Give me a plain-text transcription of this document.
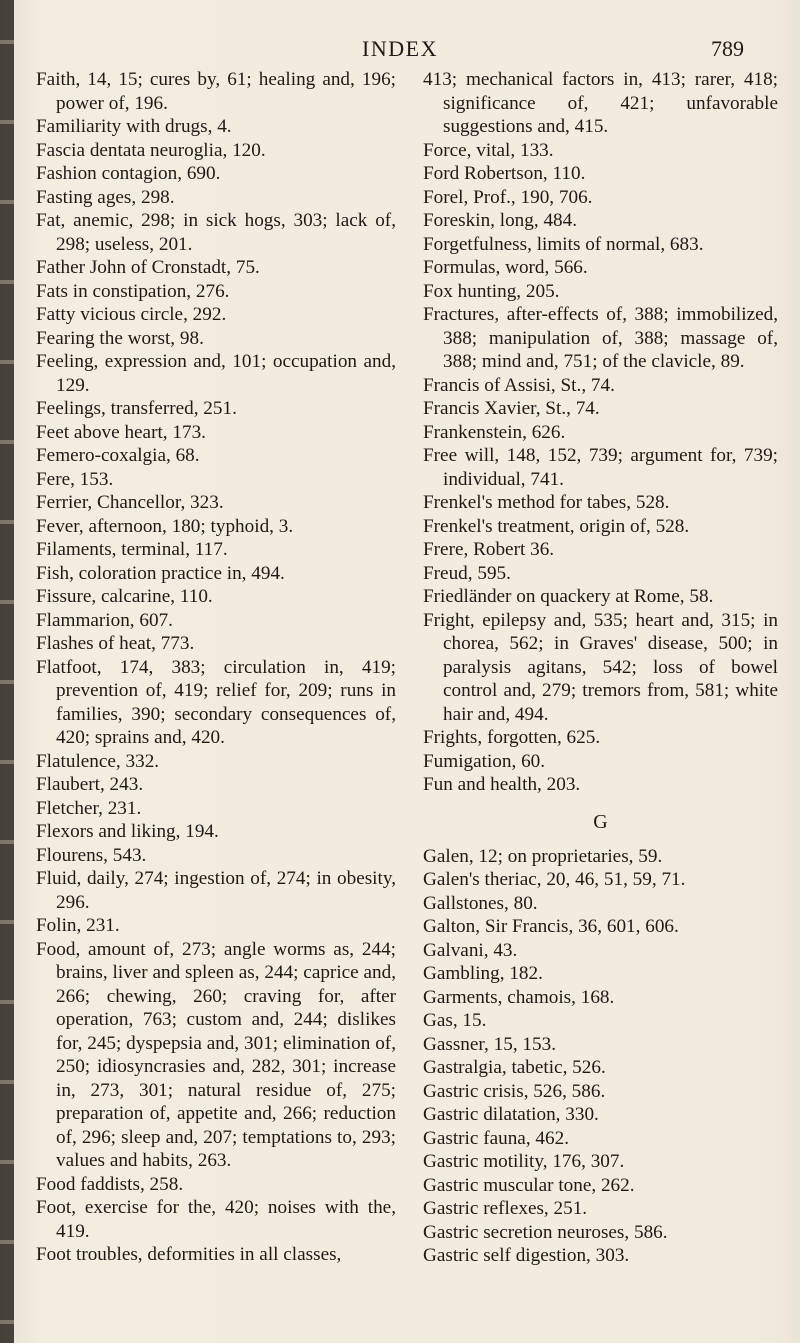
INDEX	789

Faith, 14, 15; cures by, 61; healing and, 196; power of, 196.

Familiarity with drugs, 4.

Fascia dentata neuroglia, 120.

Fashion contagion, 690.

Fasting ages, 298.

Fat, anemic, 298; in sick hogs, 303; lack of, 298; useless, 201.

Father John of Cronstadt, 75.

Fats in constipation, 276.

Fatty vicious circle, 292.

Fearing the worst, 98.

Feeling, expression and, 101; occupation and, 129.

Feelings, transferred, 251.

Feet above heart, 173.

Femero-coxalgia, 68.

Fere, 153.

Ferrier, Chancellor, 323.

Fever, afternoon, 180; typhoid, 3.

Filaments, terminal, 117.

Fish, coloration practice in, 494.

Fissure, calcarine, 110.

Flammarion, 607.

Flashes of heat, 773.

Flatfoot, 174, 383; circulation in, 419; prevention of, 419; relief for, 209; runs in families, 390; secondary consequences of, 420; sprains and, 420.

Flatulence, 332.

Flaubert, 243.

Fletcher, 231.

Flexors and liking, 194.

Flourens, 543.

Fluid, daily, 274; ingestion of, 274; in obesity, 296.

Folin, 231.

Food, amount of, 273; angle worms as, 244; brains, liver and spleen as, 244; caprice and, 266; chewing, 260; craving for, after operation, 763; custom and, 244; dislikes for, 245; dyspepsia and, 301; elimination of, 250; idiosyncrasies and, 282, 301; increase in, 273, 301; natural residue of, 275; preparation of, appetite and, 266; reduction of, 296; sleep and, 207; temptations to, 293; values and habits, 263.

Food faddists, 258.

Foot, exercise for the, 420; noises with the, 419.

Foot troubles, deformities in all classes,

413; mechanical factors in, 413; rarer, 418; significance of, 421; unfavorable suggestions and, 415.

Force, vital, 133.

Ford Robertson, 110.

Forel, Prof., 190, 706.

Foreskin, long, 484.

Forgetfulness, limits of normal, 683.

Formulas, word, 566.

Fox hunting, 205.

Fractures, after-effects of, 388; immobilized, 388; manipulation of, 388; massage of, 388; mind and, 751; of the clavicle, 89.

Francis of Assisi, St., 74.

Francis Xavier, St., 74.

Frankenstein, 626.

Free will, 148, 152, 739; argument for, 739; individual, 741.

Frenkel's method for tabes, 528.

Frenkel's treatment, origin of, 528.

Frere, Robert 36.

Freud, 595.

Friedländer on quackery at Rome, 58.

Fright, epilepsy and, 535; heart and, 315; in chorea, 562; in Graves' disease, 500; in paralysis agitans, 542; loss of bowel control and, 279; tremors from, 581; white hair and, 494.

Frights, forgotten, 625.

Fumigation, 60.

Fun and health, 203.

G

Galen, 12; on proprietaries, 59.

Galen's theriac, 20, 46, 51, 59, 71.

Gallstones, 80.

Galton, Sir Francis, 36, 601, 606.

Galvani, 43.

Gambling, 182.

Garments, chamois, 168.

Gas, 15.

Gassner, 15, 153.

Gastralgia, tabetic, 526.

Gastric crisis, 526, 586.

Gastric dilatation, 330.

Gastric fauna, 462.

Gastric motility, 176, 307.

Gastric muscular tone, 262.

Gastric reflexes, 251.

Gastric secretion neuroses, 586.

Gastric self digestion, 303.
